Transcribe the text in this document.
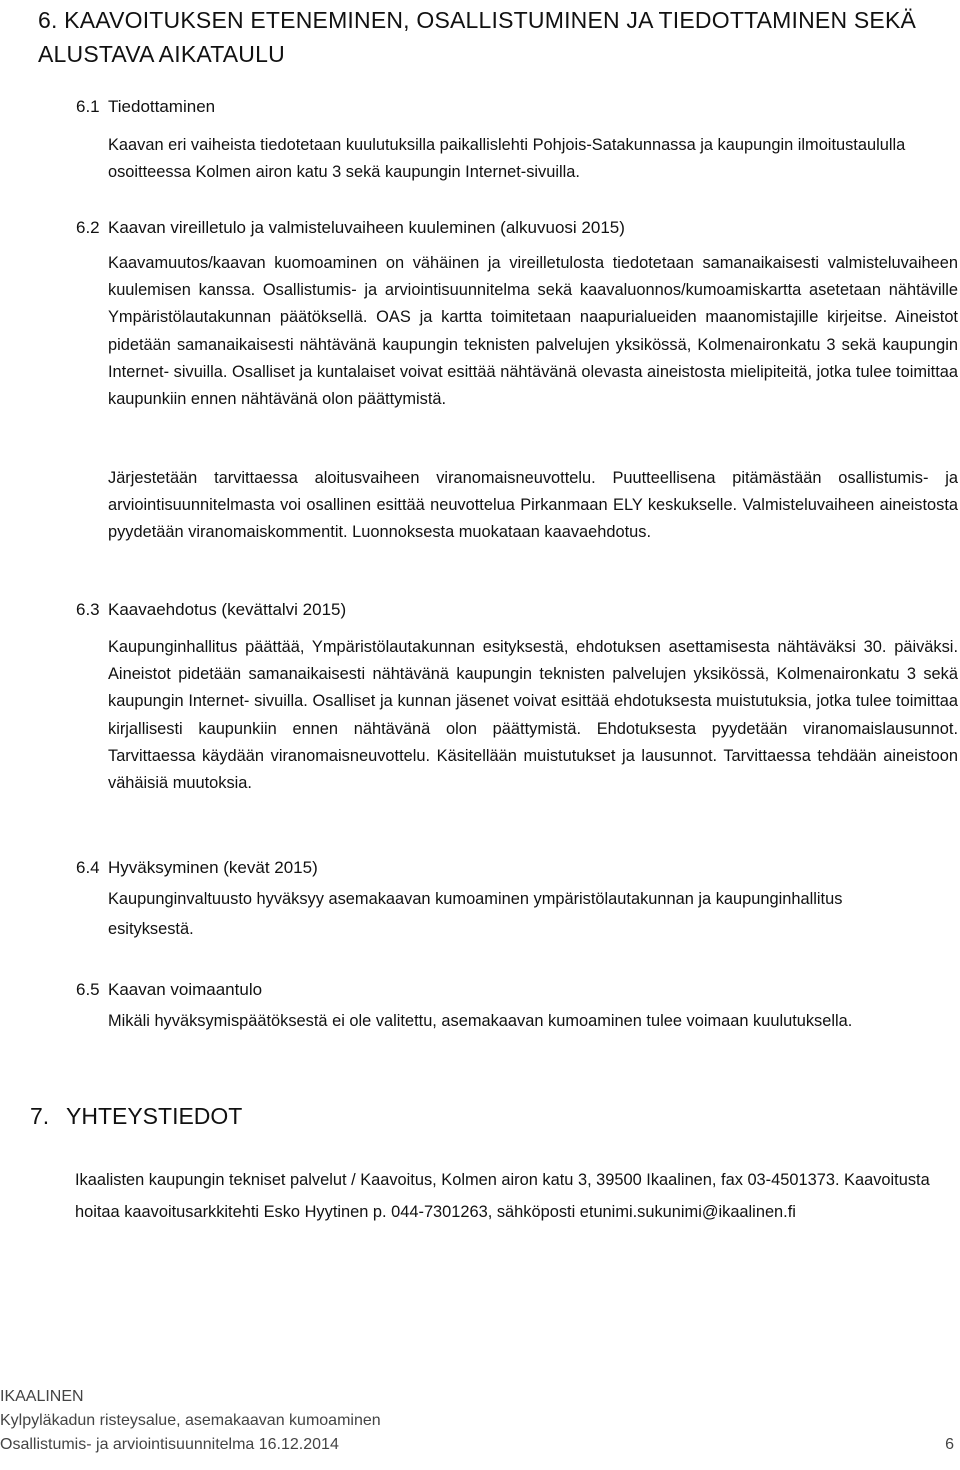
6. KAAVOITUKSEN ETENEMINEN, OSALLISTUMINEN JA TIEDOTTAMINEN SEKÄ
ALUSTAVA AIKATAULU
6.1 Tiedottaminen
Kaavan eri vaiheista tiedotetaan kuulutuksilla paikallislehti Pohjois-Satakunnassa ja kaupungin ilmoitustaululla osoitteessa Kolmen airon katu 3 sekä kaupungin Internet-sivuilla.
6.2 Kaavan vireilletulo ja valmisteluvaiheen kuuleminen (alkuvuosi 2015)
Kaavamuutos/kaavan kuomoaminen on vähäinen ja vireilletulosta tiedotetaan samanaikaisesti valmisteluvaiheen kuulemisen kanssa. Osallistumis- ja arviointisuunnitelma sekä kaavaluonnos/kumoamiskartta asetetaan nähtäville Ympäristölautakunnan päätöksellä. OAS ja kartta toimitetaan naapurialueiden maanomistajille kirjeitse. Aineistot pidetään samanaikaisesti nähtävänä kaupungin teknisten palvelujen yksikössä, Kolmenaironkatu 3 sekä kaupungin Internet- sivuilla. Osalliset ja kuntalaiset voivat esittää nähtävänä olevasta aineistosta mielipiteitä, jotka tulee toimittaa kaupunkiin ennen nähtävänä olon päättymistä.
Järjestetään tarvittaessa aloitusvaiheen viranomaisneuvottelu. Puutteellisena pitämästään osallistumis- ja arviointisuunnitelmasta voi osallinen esittää neuvottelua Pirkanmaan ELY keskukselle. Valmisteluvaiheen aineistosta pyydetään viranomaiskommentit. Luonnoksesta muokataan kaavaehdotus.
6.3 Kaavaehdotus (kevättalvi 2015)
Kaupunginhallitus päättää, Ympäristölautakunnan esityksestä, ehdotuksen asettamisesta nähtäväksi 30. päiväksi. Aineistot pidetään samanaikaisesti nähtävänä kaupungin teknisten palvelujen yksikössä, Kolmenaironkatu 3 sekä kaupungin Internet- sivuilla. Osalliset ja kunnan jäsenet voivat esittää ehdotuksesta muistutuksia, jotka tulee toimittaa kirjallisesti kaupunkiin ennen nähtävänä olon päättymistä. Ehdotuksesta pyydetään viranomaislausunnot. Tarvittaessa käydään viranomaisneuvottelu. Käsitellään muistutukset ja lausunnot. Tarvittaessa tehdään aineistoon vähäisiä muutoksia.
6.4 Hyväksyminen (kevät 2015)
Kaupunginvaltuusto hyväksyy asemakaavan kumoaminen ympäristölautakunnan ja kaupunginhallitus esityksestä.
6.5 Kaavan voimaantulo
Mikäli hyväksymispäätöksestä ei ole valitettu, asemakaavan kumoaminen tulee voimaan kuulutuksella.
7. YHTEYSTIEDOT
Ikaalisten kaupungin tekniset palvelut / Kaavoitus, Kolmen airon katu 3, 39500 Ikaalinen, fax 03-4501373. Kaavoitusta hoitaa kaavoitusarkkitehti Esko Hyytinen p. 044-7301263, sähköposti etunimi.sukunimi@ikaalinen.fi
IKAALINEN
Kylpyläkadun risteysalue, asemakaavan kumoaminen
Osallistumis- ja arviointisuunnitelma 16.12.2014	6
